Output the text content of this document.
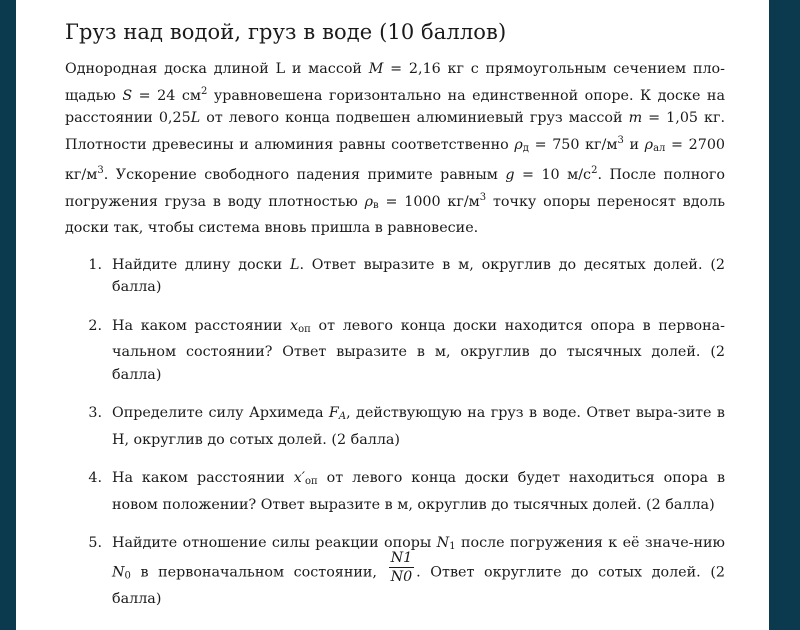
Груз над водой, груз в воде (10 баллов)

Однородная доска длиной L и массой M = 2,16 кг с прямоугольным сечением пло-щадью S = 24 $см^2$ уравновешена горизонтально на единственной опоре. К доске на расстоянии 0,25L от левого конца подвешен алюминиевый груз массой m = 1,05 кг. Плотности древесины и алюминия равны соответственно $\rho_д = 750$ $кг/м^3$ и $\rho_{ал} = 2700$ $кг/м^3$. Ускорение свободного падения примите равным g = 10 $м/с^2$. После полного погружения груза в воду плотностью $\rho_в = 1000$ $кг/м^3$ точку опоры переносят вдоль доски так, чтобы система вновь пришла в равновесие.

1. Найдите длину доски L. Ответ выразите в м, округлив до десятых долей. (2 балла)
2. На каком расстоянии $x_{оп}$ от левого конца доски находится опора в первона-чальном состоянии? Ответ выразите в м, округлив до тысячных долей. (2 балла)
3. Определите силу Архимеда $F_A$, действующую на груз в воде. Ответ выра-зите в Н, округлив до сотых долей. (2 балла)
4. На каком расстоянии $x'_{оп}$ от левого конца доски будет находиться опора в новом положении? Ответ выразите в м, округлив до тысячных долей. (2 балла)
5. Найдите отношение силы реакции опоры $N_1$ после погружения к её значе-нию $N_0$ в первоначальном состоянии, $\frac{N1}{N0}$ . Ответ округлите до сотых долей. (2 балла)
